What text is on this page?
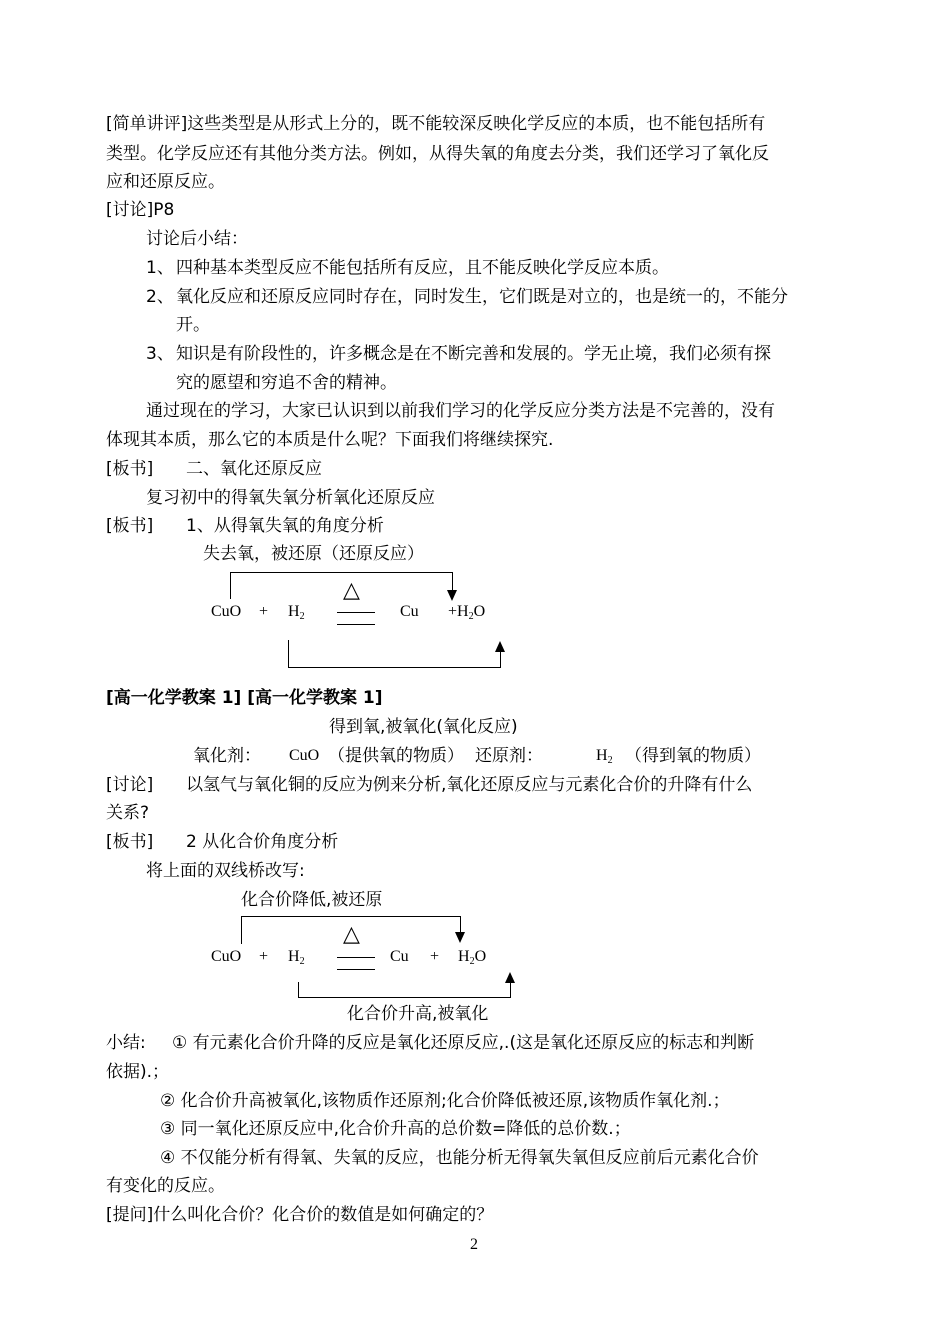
[简单讲评]这些类型是从形式上分的，既不能较深反映化学反应的本质，也不能包括所有
类型。化学反应还有其他分类方法。例如，从得失氧的角度去分类，我们还学习了氧化反
应和还原反应。
[讨论]P8
讨论后小结：
1、 四种基本类型反应不能包括所有反应，且不能反映化学反应本质。
2、 氧化反应和还原反应同时存在，同时发生，它们既是对立的，也是统一的，不能分
开。
3、 知识是有阶段性的，许多概念是在不断完善和发展的。学无止境，我们必须有探
究的愿望和穷追不舍的精神。
通过现在的学习，大家已认识到以前我们学习的化学反应分类方法是不完善的，没有
体现其本质，那么它的本质是什么呢？下面我们将继续探究.
[板书] 二、氧化还原反应
复习初中的得氧失氧分析氧化还原反应
[板书] 1、从得氧失氧的角度分析
失去氧，被还原（还原反应）
CuO + $H_2$
△
$Cu +H_2O$
[高一化学教案 1] [高一化学教案 1]
得到氧,被氧化(氧化反应)
氧化剂： CuO （提供氧的物质） 还原剂：	$H_2$ （得到氧的物质）
[讨论] 以氢气与氧化铜的反应为例来分析,氧化还原反应与元素化合价的升降有什么
关系?
[板书] 2 从化合价角度分析
将上面的双线桥改写:
化合价降低,被还原
CuO + $H_2$
△
$Cu + H_2O$
化合价升高,被氧化
小结: ① 有元素化合价升降的反应是氧化还原反应,.(这是氧化还原反应的标志和判断
依据).；
② 化合价升高被氧化,该物质作还原剂;化合价降低被还原,该物质作氧化剂.；
③ 同一氧化还原反应中,化合价升高的总价数=降低的总价数.；
④ 不仅能分析有得氧、失氧的反应，也能分析无得氧失氧但反应前后元素化合价
有变化的反应。
[提问]什么叫化合价？化合价的数值是如何确定的？
2
